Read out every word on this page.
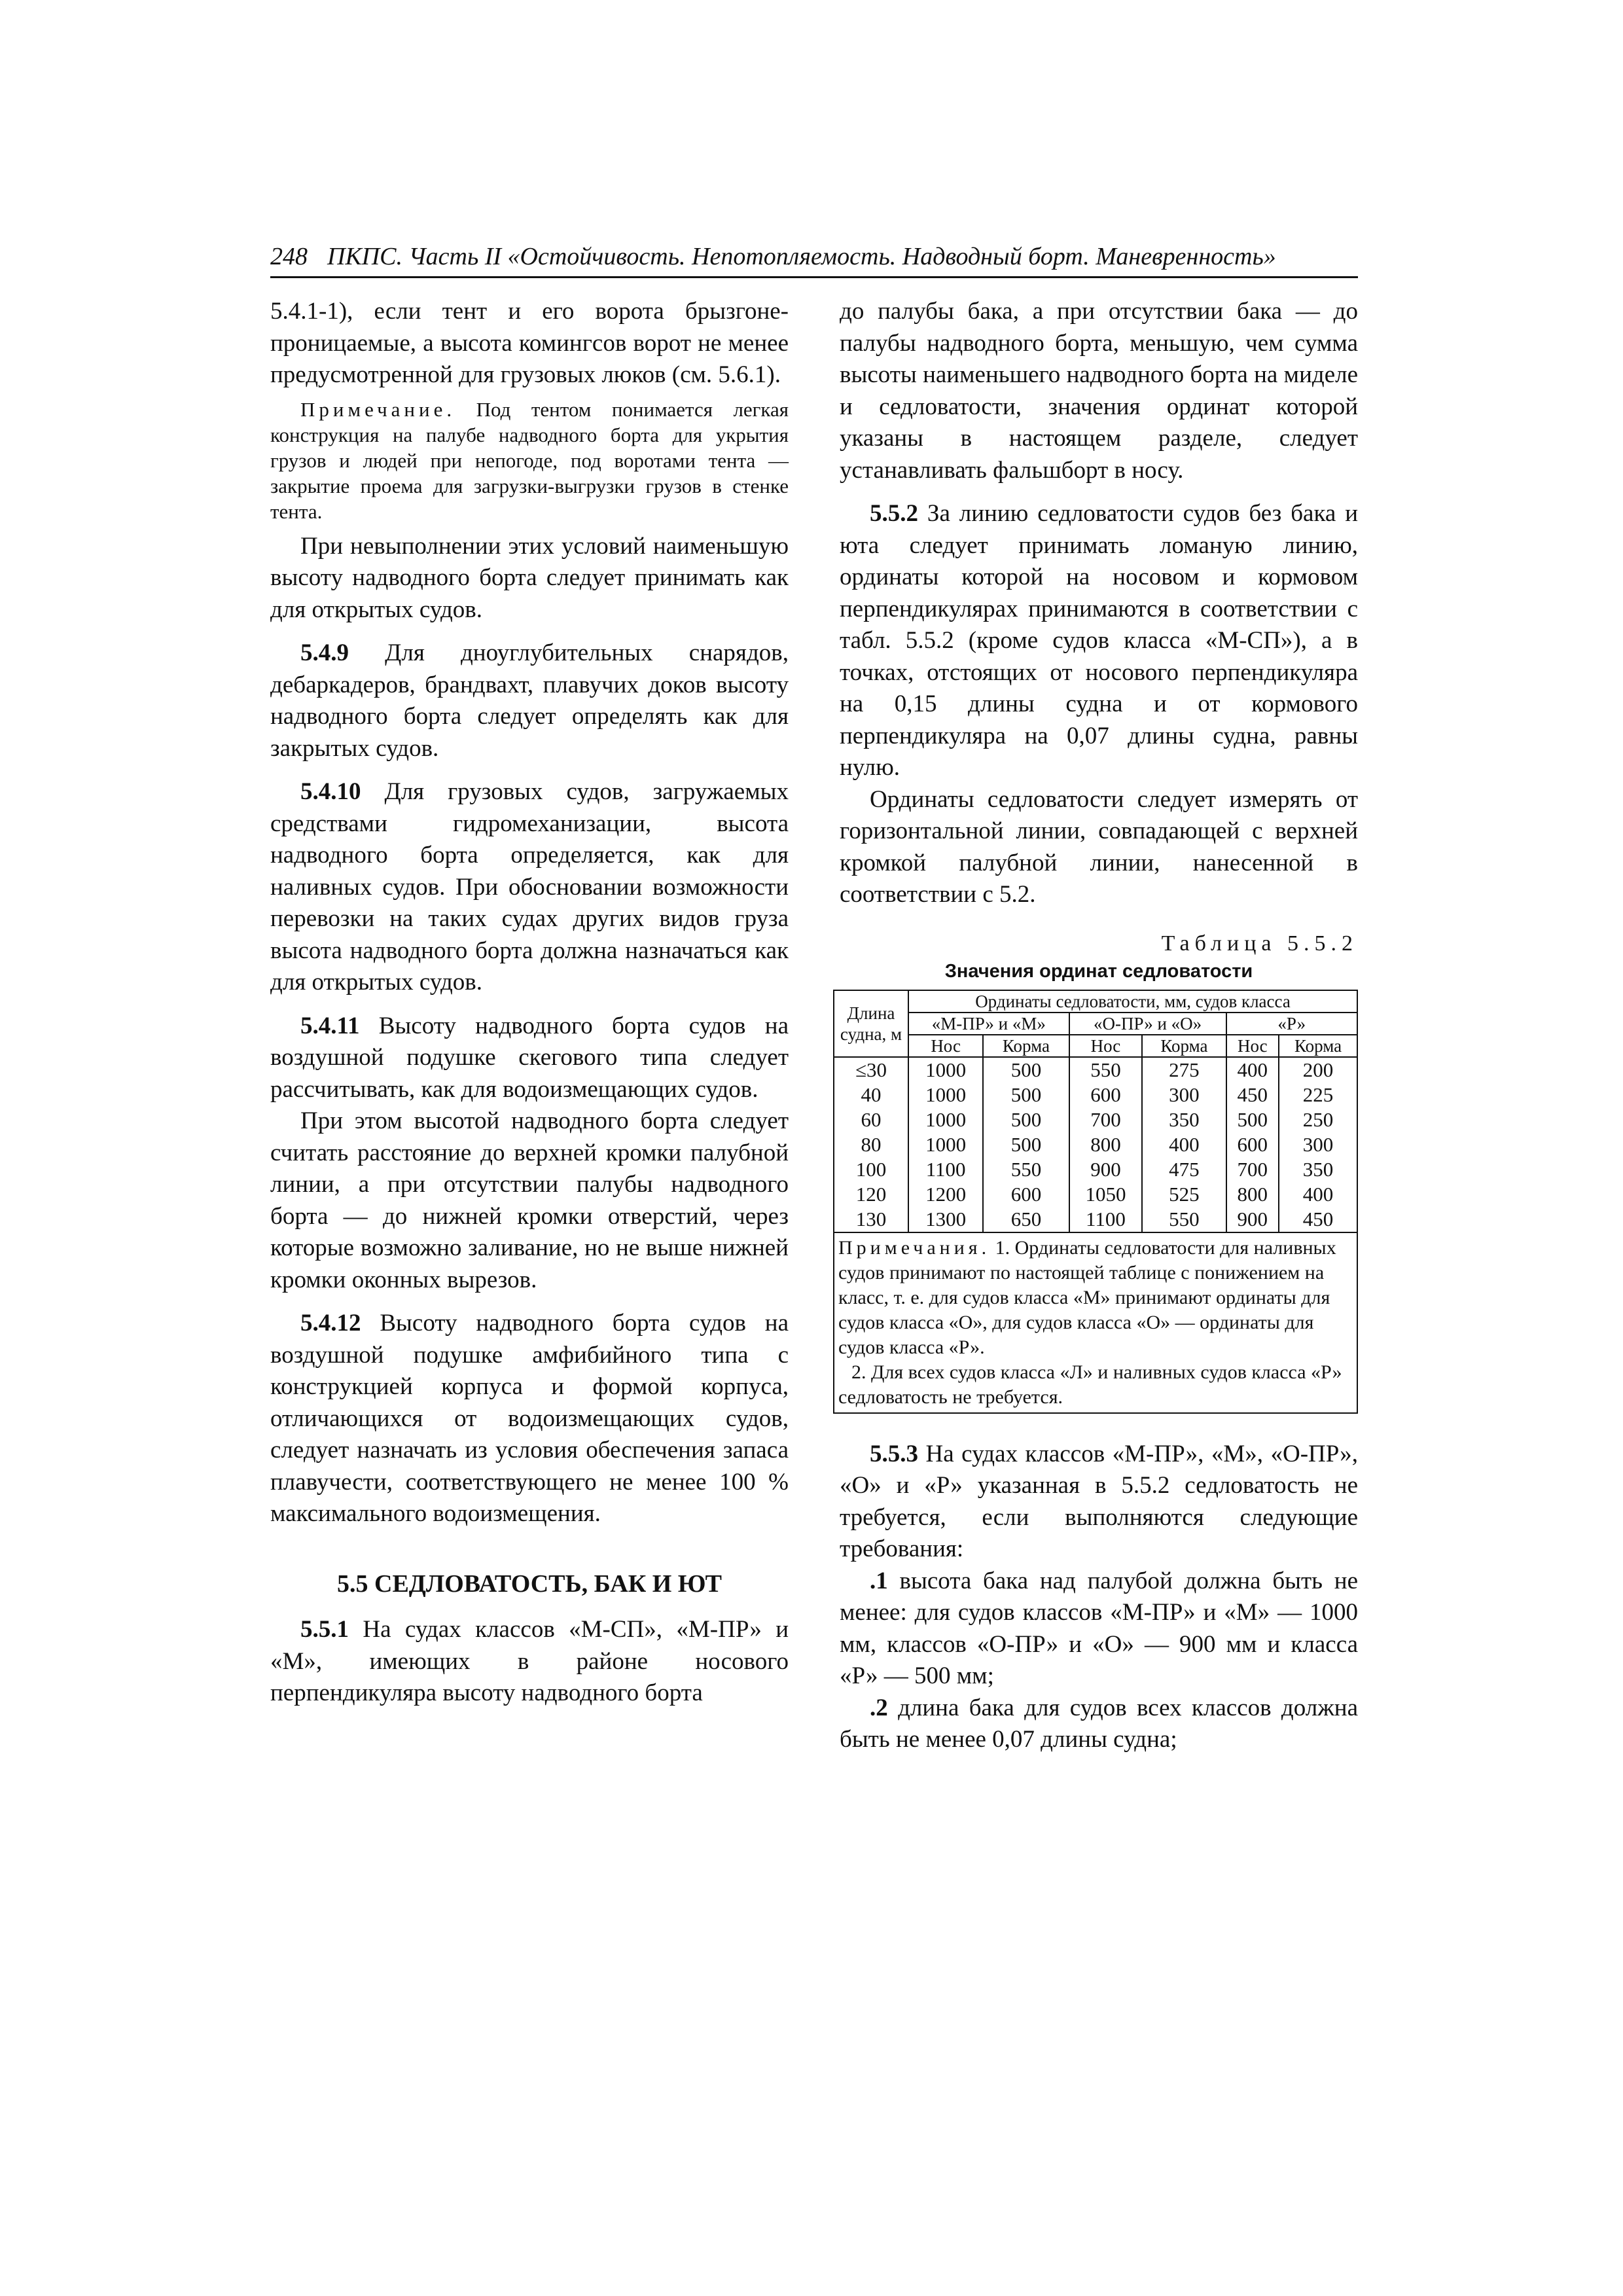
248 ПКПС. Часть II «Остойчивость. Непотопляемость. Надводный борт. Маневренность»

5.4.1-1), если тент и его ворота брызгоне-проницаемые, а высота комингсов ворот не менее предусмотренной для грузовых люков (см. 5.6.1).

Примечание. Под тентом понимается легкая конструкция на палубе надводного борта для укрытия грузов и людей при непогоде, под воротами тента — закрытие проема для загрузки-выгрузки грузов в стенке тента.

При невыполнении этих условий наименьшую высоту надводного борта следует принимать как для открытых судов.

5.4.9 Для дноуглубительных снарядов, дебаркадеров, брандвахт, плавучих доков высоту надводного борта следует определять как для закрытых судов.

5.4.10 Для грузовых судов, загружаемых средствами гидромеханизации, высота надводного борта определяется, как для наливных судов. При обосновании возможности перевозки на таких судах других видов груза высота надводного борта должна назначаться как для открытых судов.

5.4.11 Высоту надводного борта судов на воздушной подушке скегового типа следует рассчитывать, как для водоизмещающих судов.

При этом высотой надводного борта следует считать расстояние до верхней кромки палубной линии, а при отсутствии палубы надводного борта — до нижней кромки отверстий, через которые возможно заливание, но не выше нижней кромки оконных вырезов.

5.4.12 Высоту надводного борта судов на воздушной подушке амфибийного типа с конструкцией корпуса и формой корпуса, отличающихся от водоизмещающих судов, следует назначать из условия обеспечения запаса плавучести, соответствующего не менее 100 % максимального водоизмещения.

5.5 СЕДЛОВАТОСТЬ, БАК И ЮТ

5.5.1 На судах классов «М-СП», «М-ПР» и «М», имеющих в районе носового перпендикуляра высоту надводного борта

до палубы бака, а при отсутствии бака — до палубы надводного борта, меньшую, чем сумма высоты наименьшего надводного борта на миделе и седловатости, значения ординат которой указаны в настоящем разделе, следует устанавливать фальшборт в носу.

5.5.2 За линию седловатости судов без бака и юта следует принимать ломаную линию, ординаты которой на носовом и кормовом перпендикулярах принимаются в соответствии с табл. 5.5.2 (кроме судов класса «М-СП»), а в точках, отстоящих от носового перпендикуляра на 0,15 длины судна и от кормового перпендикуляра на 0,07 длины судна, равны нулю.

Ординаты седловатости следует измерять от горизонтальной линии, совпадающей с верхней кромкой палубной линии, нанесенной в соответствии с 5.2.

Таблица 5.5.2
Значения ординат седловатости
Длина судна, м	Ординаты седловатости, мм, судов класса					
	«М-ПР» и «М»		«О-ПР» и «О»		«Р»	
	Нос	Корма	Нос	Корма	Нос	Корма
≤30	1000	500	550	275	400	200
40	1000	500	600	300	450	225
60	1000	500	700	350	500	250
80	1000	500	800	400	600	300
100	1100	550	900	475	700	350
120	1200	600	1050	525	800	400
130	1300	650	1100	550	900	450

Примечания. 1. Ординаты седловатости для наливных судов принимают по настоящей таблице с понижением на класс, т. е. для судов класса «М» принимают ординаты для судов класса «О», для судов класса «О» — ординаты для судов класса «Р».

2. Для всех судов класса «Л» и наливных судов класса «Р» седловатость не требуется.						

5.5.3 На судах классов «М-ПР», «М», «О-ПР», «О» и «Р» указанная в 5.5.2 седловатость не требуется, если выполняются следующие требования:

.1 высота бака над палубой должна быть не менее: для судов классов «М-ПР» и «М» — 1000 мм, классов «О-ПР» и «О» — 900 мм и класса «Р» — 500 мм;

.2 длина бака для судов всех классов должна быть не менее 0,07 длины судна;
